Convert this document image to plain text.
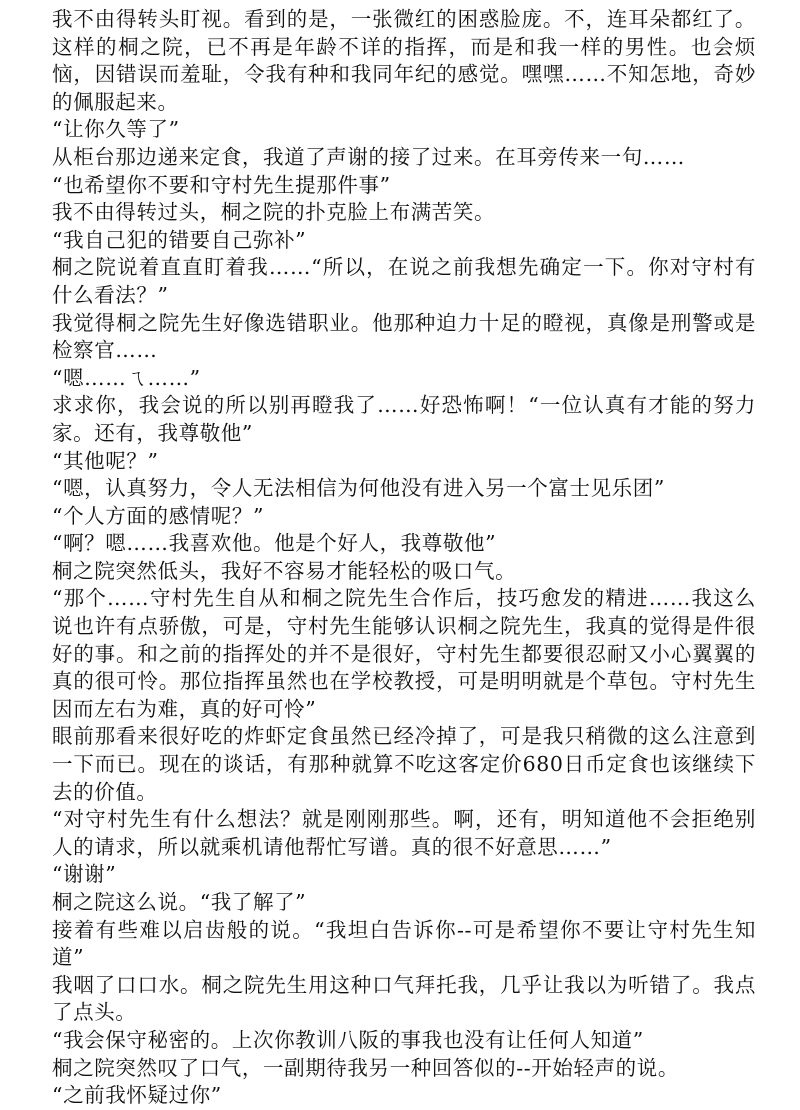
我不由得转头盯视。看到的是，一张微红的困惑脸庞。不，连耳朵都红了。这样的桐之院，已不再是年龄不详的指挥，而是和我一样的男性。也会烦恼，因错误而羞耻，令我有种和我同年纪的感觉。嘿嘿……不知怎地，奇妙的佩服起来。
“让你久等了”
从柜台那边递来定食，我道了声谢的接了过来。在耳旁传来一句……
“也希望你不要和守村先生提那件事”
我不由得转过头，桐之院的扑克脸上布满苦笑。
“我自己犯的错要自己弥补”
桐之院说着直直盯着我……“所以，在说之前我想先确定一下。你对守村有什么看法？”
我觉得桐之院先生好像选错职业。他那种迫力十足的瞪视，真像是刑警或是检察官……
“嗯……ㄟ……”
求求你，我会说的所以别再瞪我了……好恐怖啊！“一位认真有才能的努力家。还有，我尊敬他”
“其他呢？”
“嗯，认真努力，令人无法相信为何他没有进入另一个富士见乐团”
“个人方面的感情呢？”
“啊？嗯……我喜欢他。他是个好人，我尊敬他”
桐之院突然低头，我好不容易才能轻松的吸口气。
“那个……守村先生自从和桐之院先生合作后，技巧愈发的精进……我这么说也许有点骄傲，可是，守村先生能够认识桐之院先生，我真的觉得是件很好的事。和之前的指挥处的并不是很好，守村先生都要很忍耐又小心翼翼的真的很可怜。那位指挥虽然也在学校教授，可是明明就是个草包。守村先生因而左右为难，真的好可怜”
眼前那看来很好吃的炸虾定食虽然已经冷掉了，可是我只稍微的这么注意到一下而已。现在的谈话，有那种就算不吃这客定价680日币定食也该继续下去的价值。
“对守村先生有什么想法？就是刚刚那些。啊，还有，明知道他不会拒绝别人的请求，所以就乘机请他帮忙写谱。真的很不好意思……”
“谢谢”
桐之院这么说。“我了解了”
接着有些难以启齿般的说。“我坦白告诉你--可是希望你不要让守村先生知道”
我咽了口口水。桐之院先生用这种口气拜托我，几乎让我以为听错了。我点了点头。
“我会保守秘密的。上次你教训八阪的事我也没有让任何人知道”
桐之院突然叹了口气，一副期待我另一种回答似的--开始轻声的说。
“之前我怀疑过你”
